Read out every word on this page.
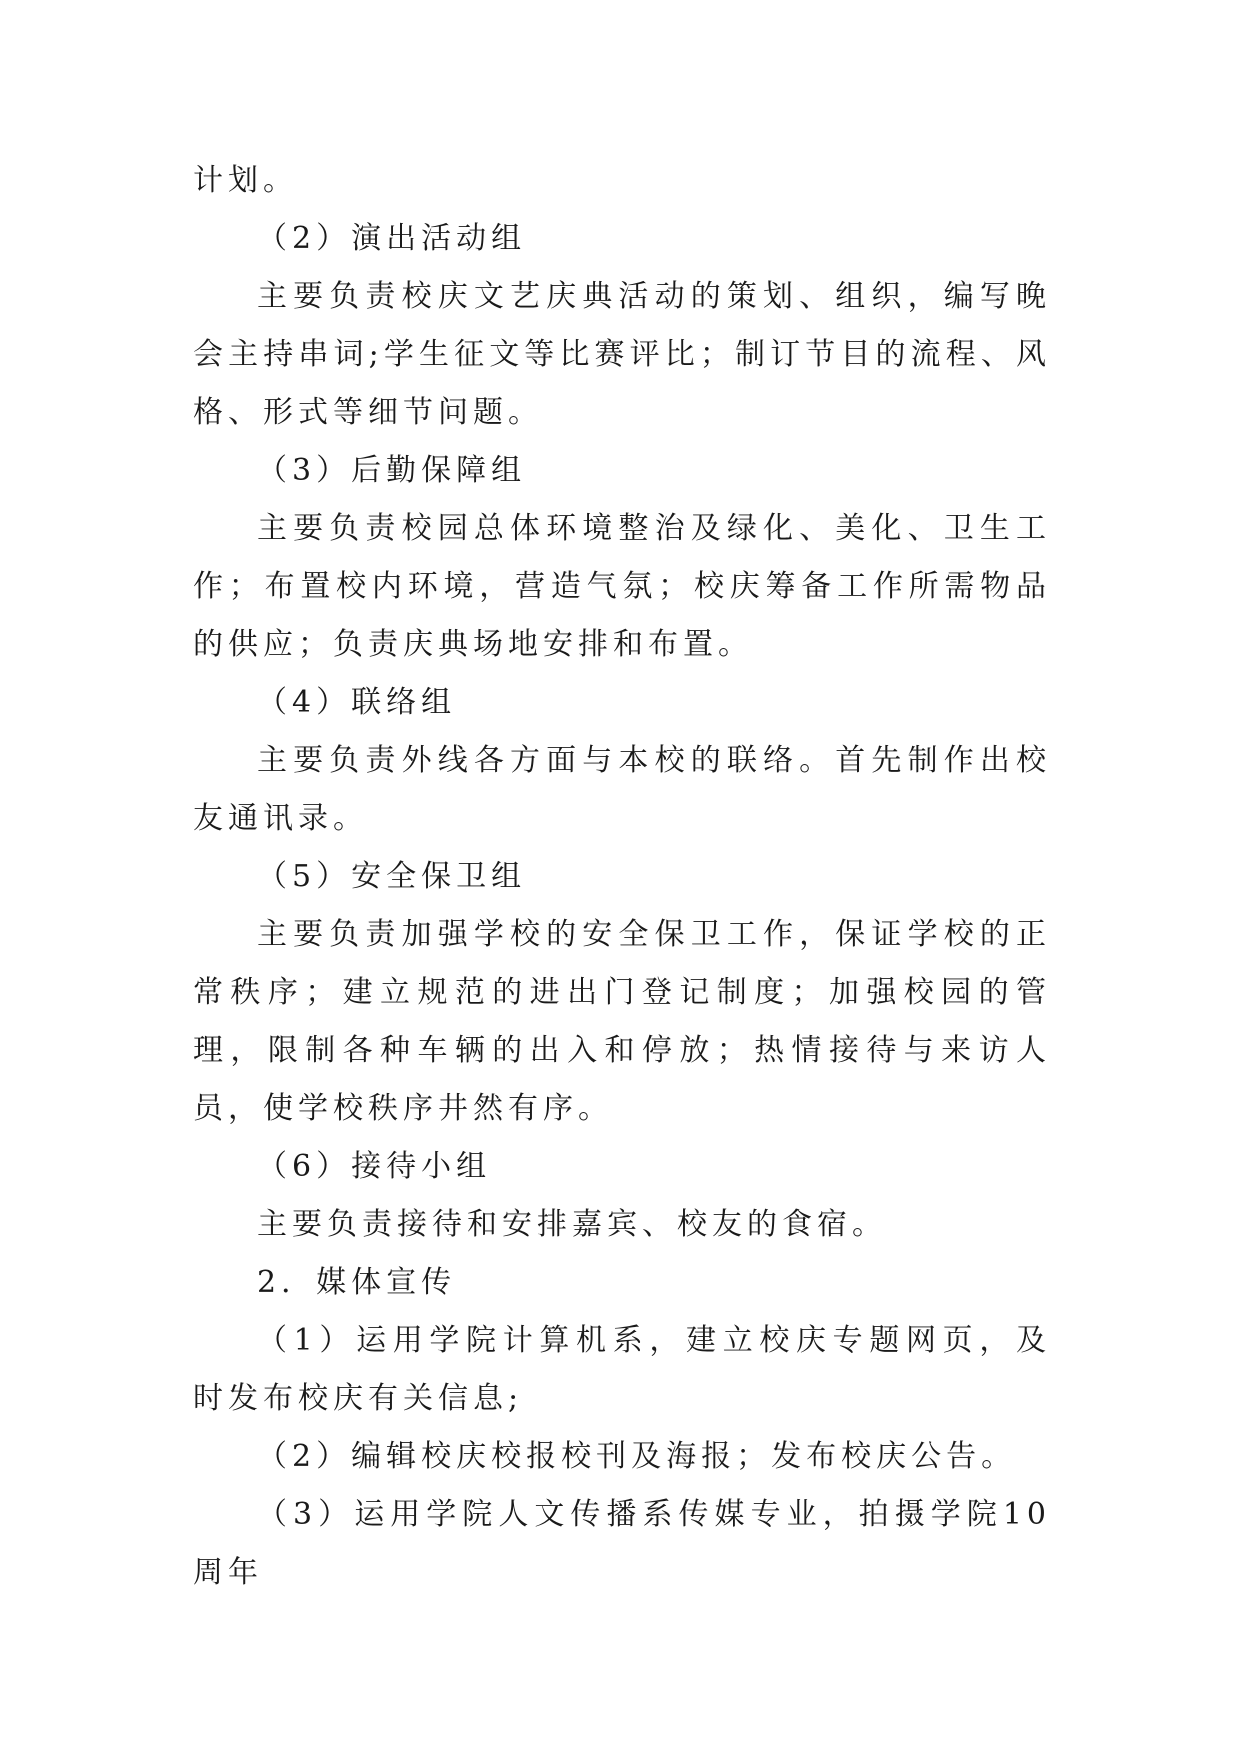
计划。

（2）演出活动组

主要负责校庆文艺庆典活动的策划、组织，编写晚会主持串词;学生征文等比赛评比；制订节目的流程、风格、形式等细节问题。

（3）后勤保障组

主要负责校园总体环境整治及绿化、美化、卫生工作；布置校内环境，营造气氛；校庆筹备工作所需物品的供应；负责庆典场地安排和布置。

（4）联络组

主要负责外线各方面与本校的联络。首先制作出校友通讯录。

（5）安全保卫组

主要负责加强学校的安全保卫工作，保证学校的正常秩序；建立规范的进出门登记制度；加强校园的管理，限制各种车辆的出入和停放；热情接待与来访人员，使学校秩序井然有序。

（6）接待小组

主要负责接待和安排嘉宾、校友的食宿。

2．媒体宣传

（1）运用学院计算机系，建立校庆专题网页，及时发布校庆有关信息;

（2）编辑校庆校报校刊及海报；发布校庆公告。

（3）运用学院人文传播系传媒专业，拍摄学院10周年
